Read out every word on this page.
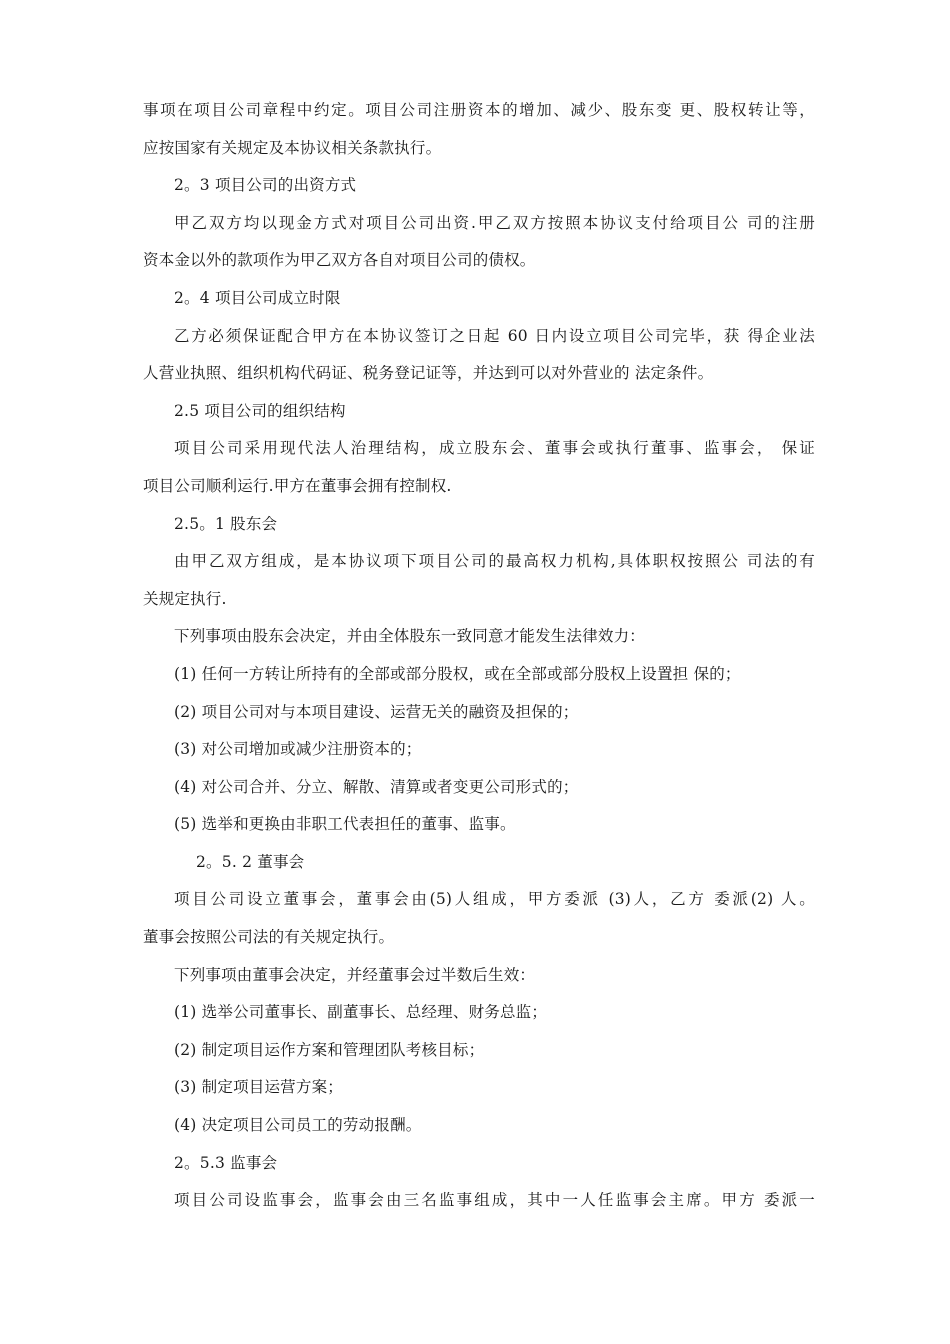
事项在项目公司章程中约定。项目公司注册资本的增加、减少、股东变 更、股权转让等，
应按国家有关规定及本协议相关条款执行。
2。3 项目公司的出资方式
甲乙双方均以现金方式对项目公司出资.甲乙双方按照本协议支付给项目公 司的注册
资本金以外的款项作为甲乙双方各自对项目公司的债权。
2。4 项目公司成立时限
乙方必须保证配合甲方在本协议签订之日起 60 日内设立项目公司完毕，获 得企业法
人营业执照、组织机构代码证、税务登记证等，并达到可以对外营业的 法定条件。
2.5 项目公司的组织结构
项目公司采用现代法人治理结构，成立股东会、董事会或执行董事、监事会， 保证
项目公司顺利运行.甲方在董事会拥有控制权.
2.5。1 股东会
由甲乙双方组成，是本协议项下项目公司的最高权力机构,具体职权按照公 司法的有
关规定执行.
下列事项由股东会决定，并由全体股东一致同意才能发生法律效力：
(1) 任何一方转让所持有的全部或部分股权，或在全部或部分股权上设置担 保的；
(2) 项目公司对与本项目建设、运营无关的融资及担保的；
(3) 对公司增加或减少注册资本的；
(4) 对公司合并、分立、解散、清算或者变更公司形式的；
(5) 选举和更换由非职工代表担任的董事、监事。
2。5. 2 董事会
项目公司设立董事会，董事会由(5)人组成，甲方委派 (3)人，乙方 委派(2) 人。
董事会按照公司法的有关规定执行。
下列事项由董事会决定，并经董事会过半数后生效：
(1) 选举公司董事长、副董事长、总经理、财务总监；
(2) 制定项目运作方案和管理团队考核目标；
(3) 制定项目运营方案；
(4) 决定项目公司员工的劳动报酬。
2。5.3 监事会
项目公司设监事会，监事会由三名监事组成，其中一人任监事会主席。甲方 委派一
